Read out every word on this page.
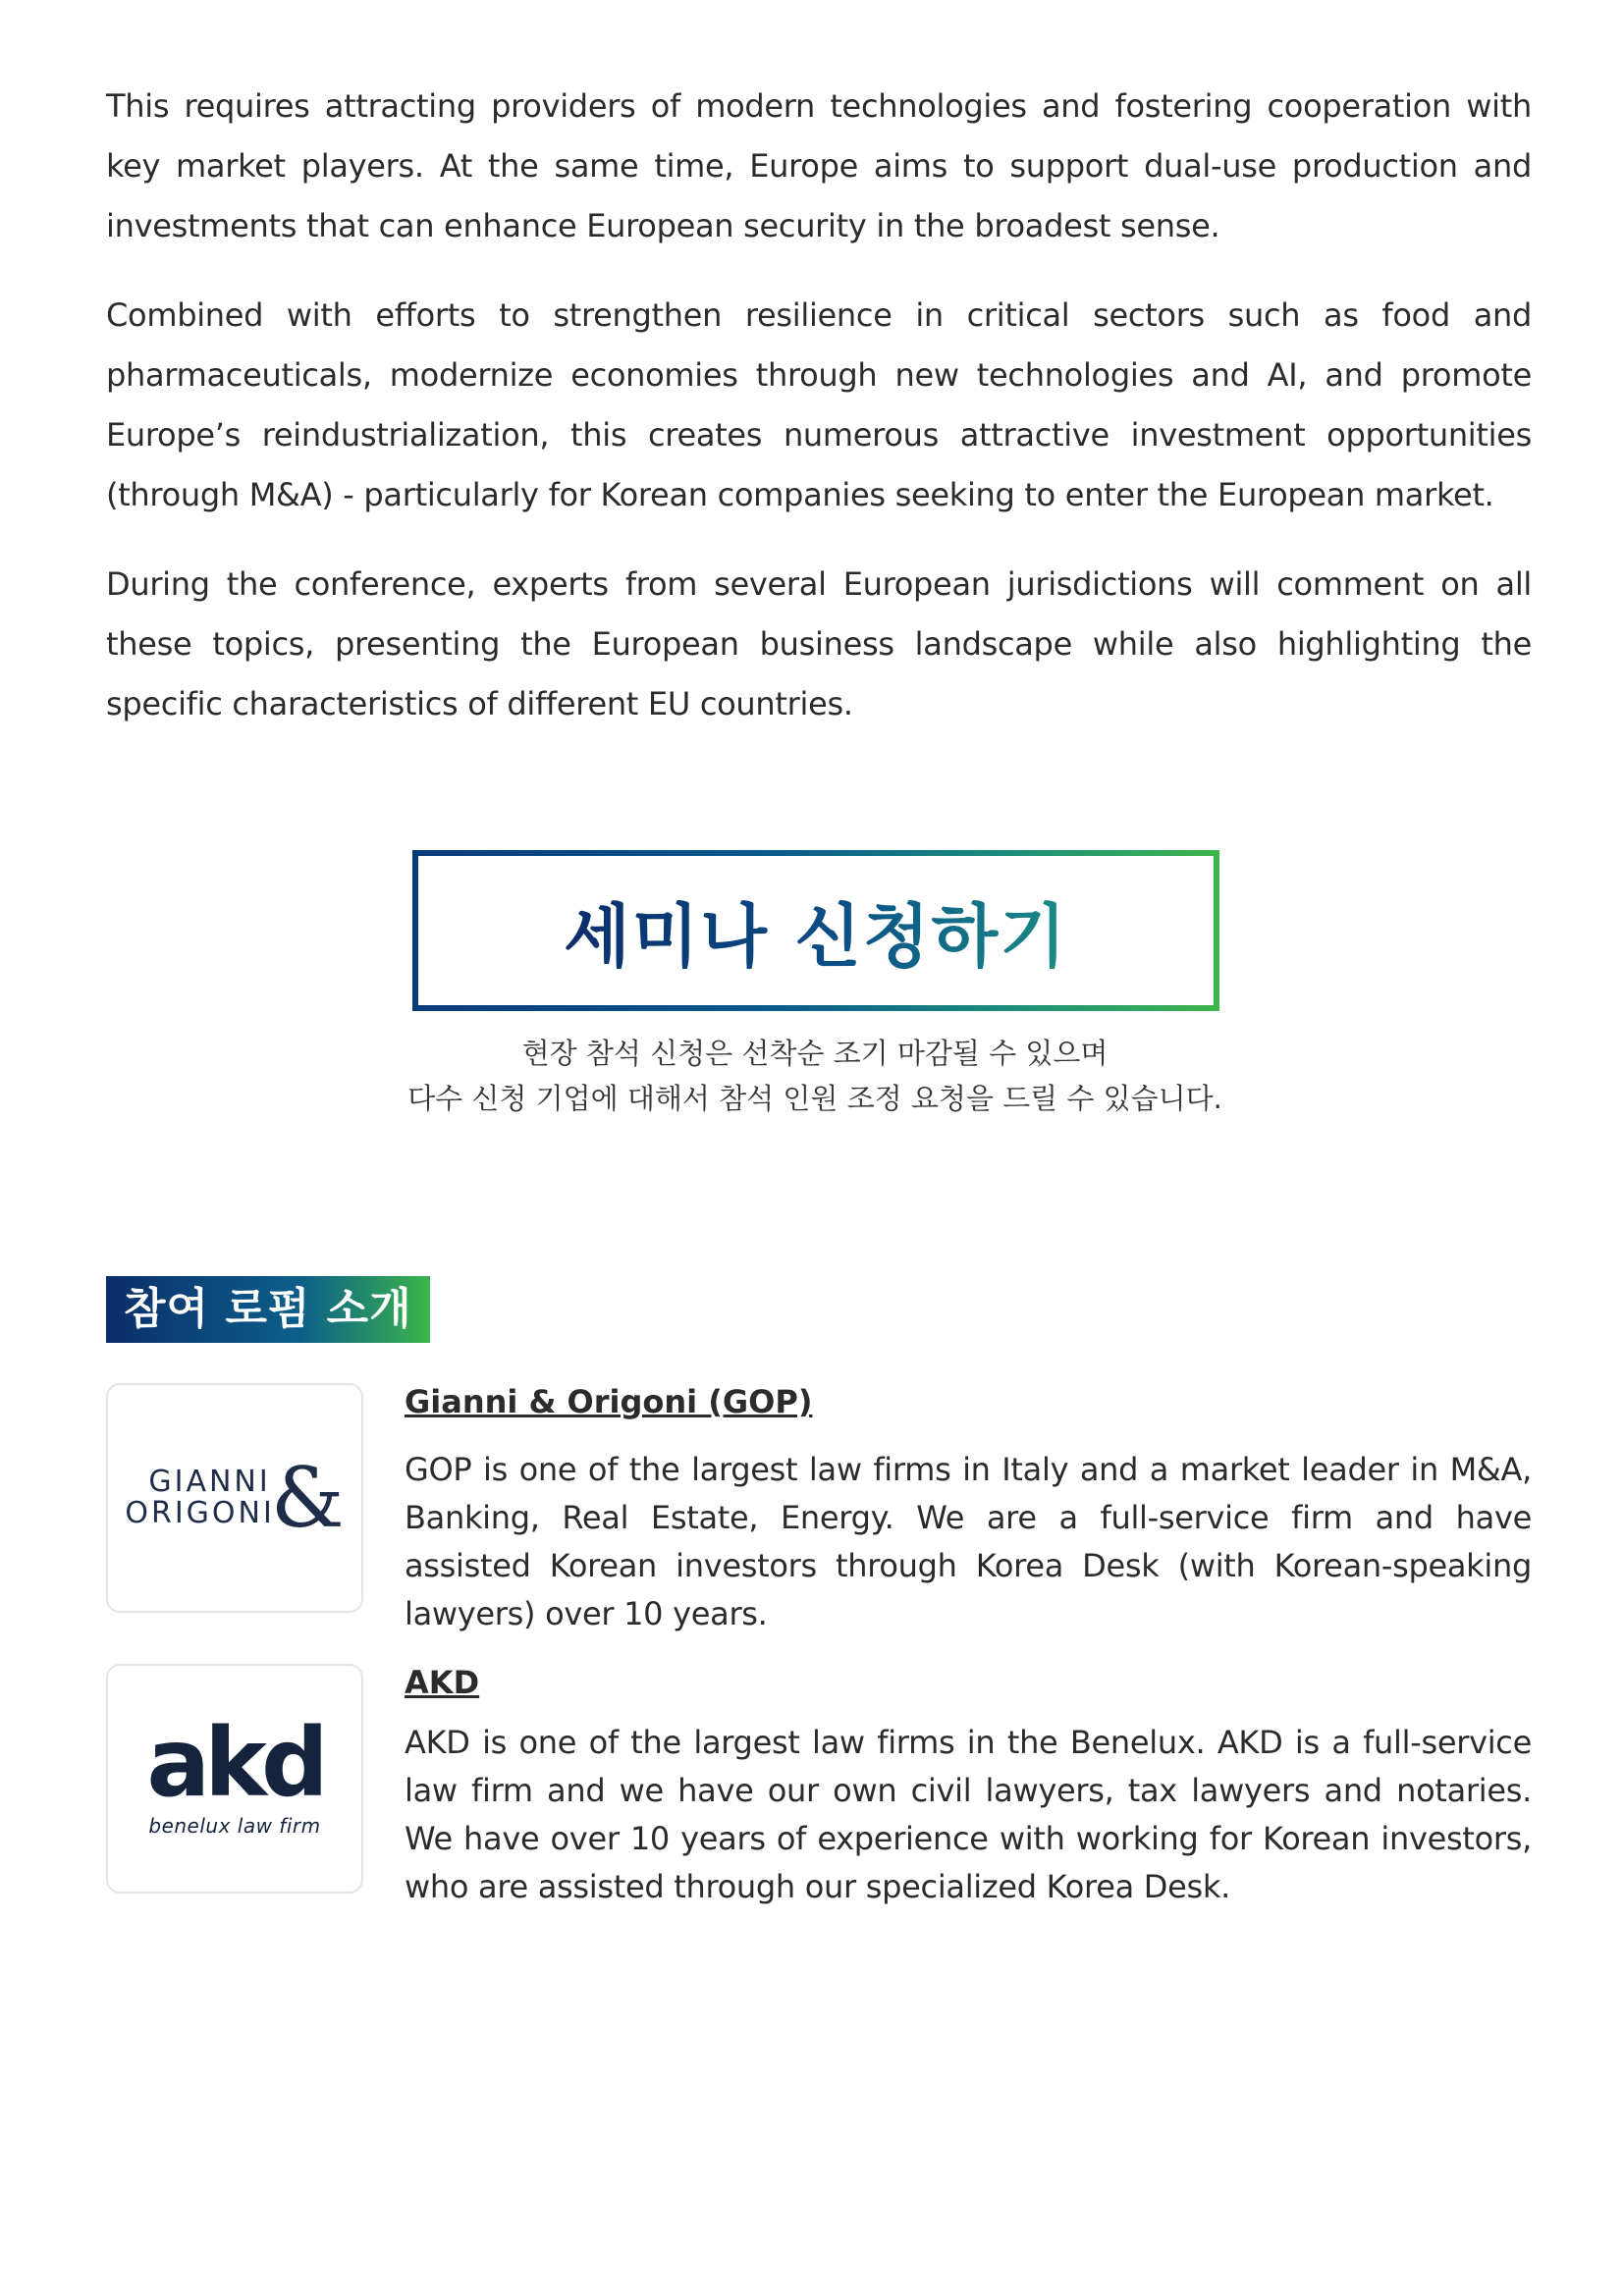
This requires attracting providers of modern technologies and fostering cooperation with key market players. At the same time, Europe aims to support dual-use production and investments that can enhance European security in the broadest sense.

Combined with efforts to strengthen resilience in critical sectors such as food and pharmaceuticals, modernize economies through new technologies and AI, and promote Europe’s reindustrialization, this creates numerous attractive investment opportunities (through M&A) - particularly for Korean companies seeking to enter the European market.

During the conference, experts from several European jurisdictions will comment on all these topics, presenting the European business landscape while also highlighting the specific characteristics of different EU countries.

세미나 신청하기
현장 참석 신청은 선착순 조기 마감될 수 있으며
다수 신청 기업에 대해서 참석 인원 조정 요청을 드릴 수 있습니다.
참여 로펌 소개
GIANNI
ORIGONI
&
Gianni & Origoni (GOP)

GOP is one of the largest law firms in Italy and a market leader in M&A, Banking, Real Estate, Energy. We are a full-service firm and have assisted Korean investors through Korea Desk (with Korean-speaking lawyers) over 10 years.

akd
benelux law firm
AKD

AKD is one of the largest law firms in the Benelux. AKD is a full-service law firm and we have our own civil lawyers, tax lawyers and notaries. We have over 10 years of experience with working for Korean investors, who are assisted through our specialized Korea Desk.
